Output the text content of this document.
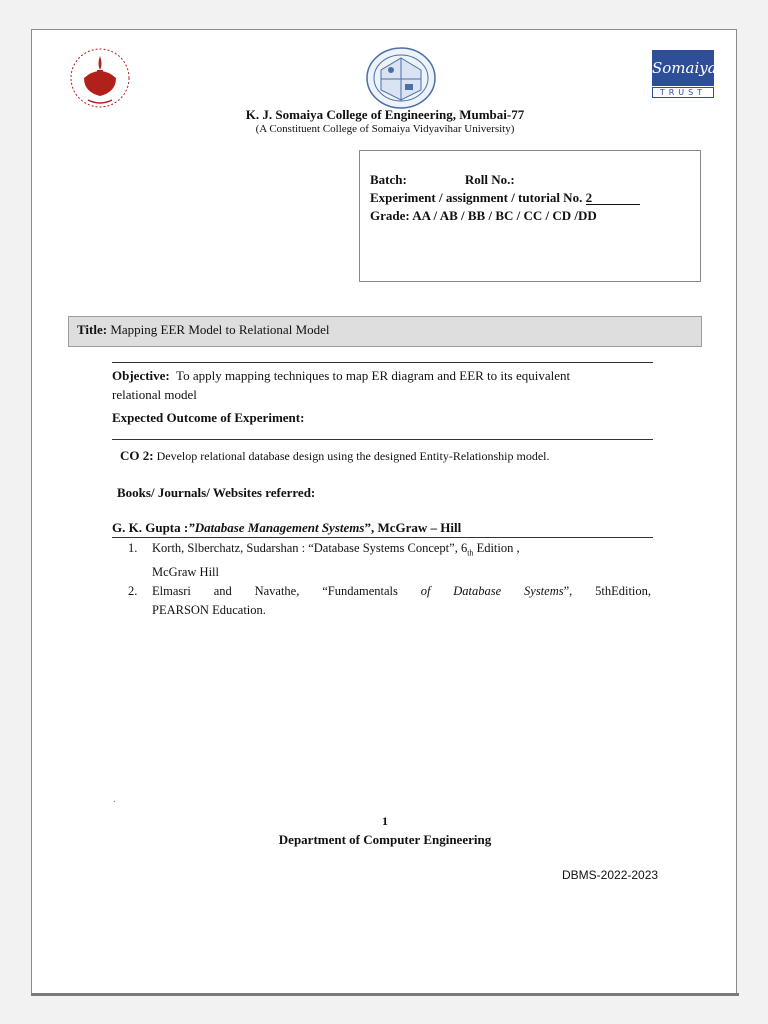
Somaiya
TRUST
K. J. Somaiya College of Engineering, Mumbai-77
(A Constituent College of Somaiya Vidyavihar University)
Batch:	Roll No.:
Experiment / assignment / tutorial No. 2
Grade: AA / AB / BB / BC / CC / CD /DD
Title: Mapping EER Model to Relational Model
Objective: To apply mapping techniques to map ER diagram and EER to its equivalent relational model
Expected Outcome of Experiment:
CO 2: Develop relational database design using the designed Entity-Relationship model.
Books/ Journals/ Websites referred:
G. K. Gupta :”Database Management Systems”, McGraw – Hill
1. Korth, Slberchatz, Sudarshan : “Database Systems Concept”, $6_{th}$ Edition ,
McGraw Hill
2. Elmasri and Navathe, “Fundamentals of Database Systems”, 5thEdition,
PEARSON Education.
.
1
Department of Computer Engineering
DBMS-2022-2023
